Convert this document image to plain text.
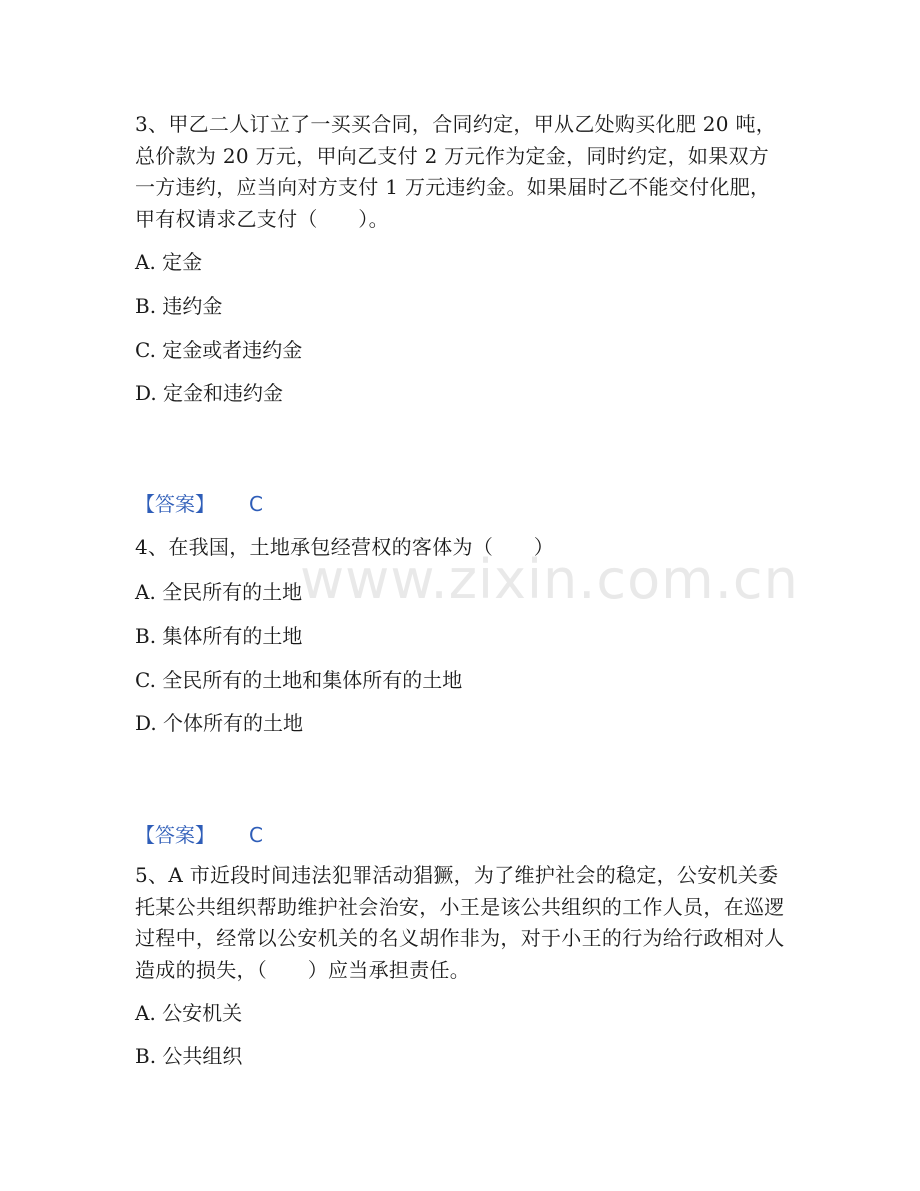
www.zixin.com.cn
3、甲乙二人订立了一买买合同，合同约定，甲从乙处购买化肥 20 吨，总价款为 20 万元，甲向乙支付 2 万元作为定金，同时约定，如果双方一方违约，应当向对方支付 1 万元违约金。如果届时乙不能交付化肥，甲有权请求乙支付（　　）。
A. 定金
B. 违约金
C. 定金或者违约金
D. 定金和违约金
【答案】 C
4、在我国，土地承包经营权的客体为（　　）
A. 全民所有的土地
B. 集体所有的土地
C. 全民所有的土地和集体所有的土地
D. 个体所有的土地
【答案】 C
5、A 市近段时间违法犯罪活动猖獗，为了维护社会的稳定，公安机关委托某公共组织帮助维护社会治安，小王是该公共组织的工作人员，在巡逻过程中，经常以公安机关的名义胡作非为，对于小王的行为给行政相对人造成的损失，（　　）应当承担责任。
A. 公安机关
B. 公共组织
